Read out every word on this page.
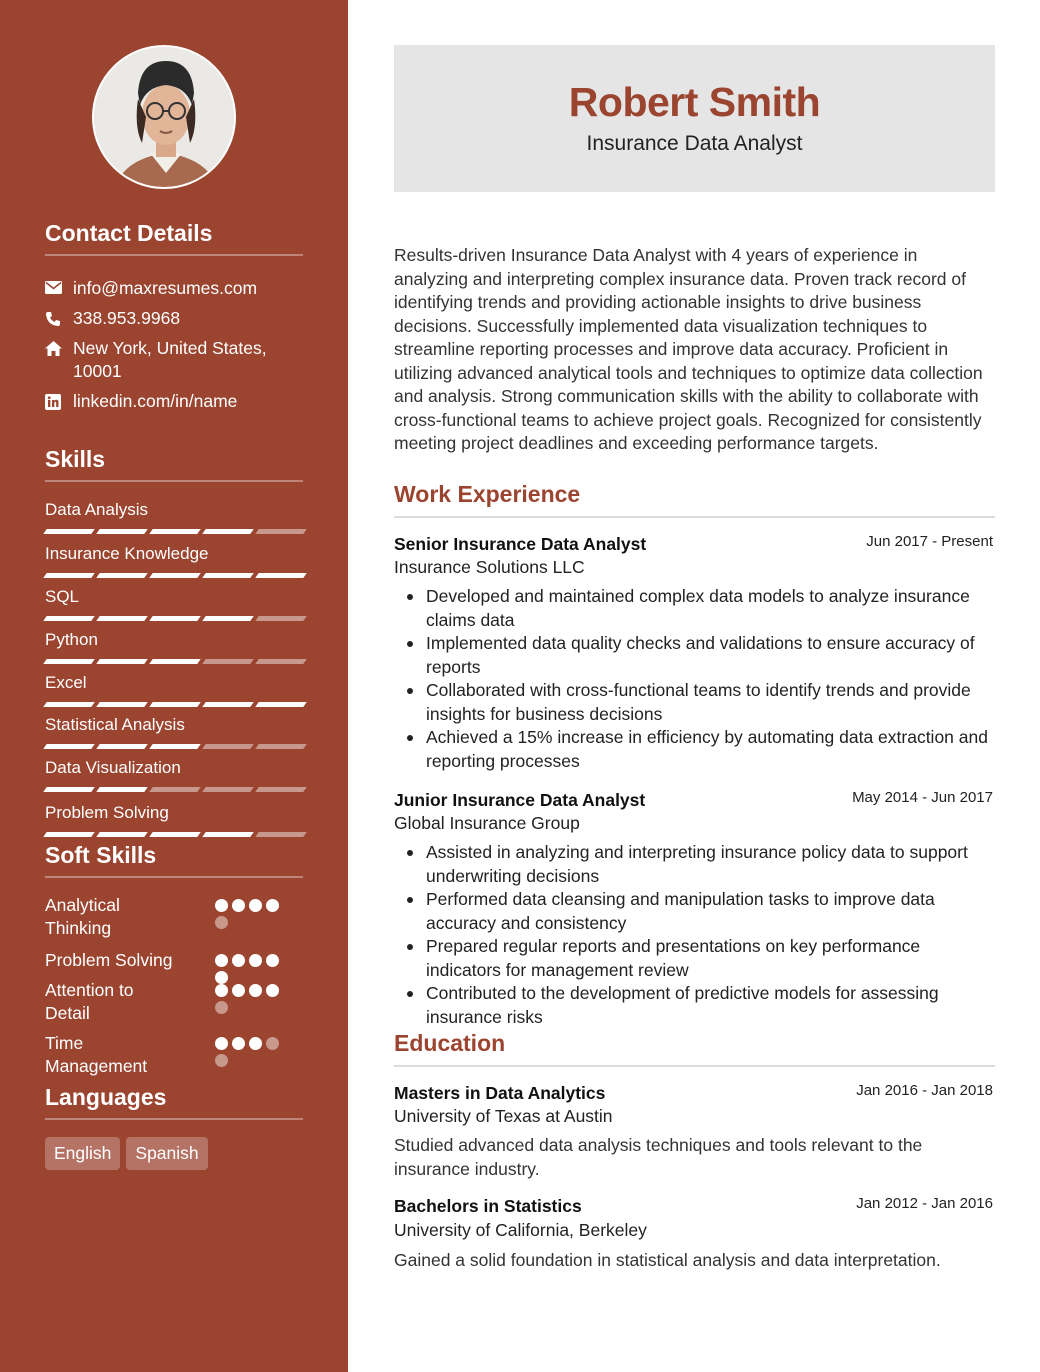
Contact Details
info@maxresumes.com
338.953.9968
New York, United States, 10001
linkedin.com/in/name
Skills
Data Analysis
Insurance Knowledge
SQL
Python
Excel
Statistical Analysis
Data Visualization
Problem Solving
Soft Skills
Analytical Thinking
Problem Solving
Attention to Detail
Time Management
Languages
English	Spanish
Robert Smith
Insurance Data Analyst
Results-driven Insurance Data Analyst with 4 years of experience in analyzing and interpreting complex insurance data. Proven track record of identifying trends and providing actionable insights to drive business decisions. Successfully implemented data visualization techniques to streamline reporting processes and improve data accuracy. Proficient in utilizing advanced analytical tools and techniques to optimize data collection and analysis. Strong communication skills with the ability to collaborate with cross-functional teams to achieve project goals. Recognized for consistently meeting project deadlines and exceeding performance targets.
Work Experience
Senior Insurance Data Analyst	Jun 2017 - Present
Insurance Solutions LLC
Developed and maintained complex data models to analyze insurance claims data
Implemented data quality checks and validations to ensure accuracy of reports
Collaborated with cross-functional teams to identify trends and provide insights for business decisions
Achieved a 15% increase in efficiency by automating data extraction and reporting processes
Junior Insurance Data Analyst	May 2014 - Jun 2017
Global Insurance Group
Assisted in analyzing and interpreting insurance policy data to support underwriting decisions
Performed data cleansing and manipulation tasks to improve data accuracy and consistency
Prepared regular reports and presentations on key performance indicators for management review
Contributed to the development of predictive models for assessing insurance risks
Education
Masters in Data Analytics	Jan 2016 - Jan 2018
University of Texas at Austin
Studied advanced data analysis techniques and tools relevant to the insurance industry.
Bachelors in Statistics	Jan 2012 - Jan 2016
University of California, Berkeley
Gained a solid foundation in statistical analysis and data interpretation.
